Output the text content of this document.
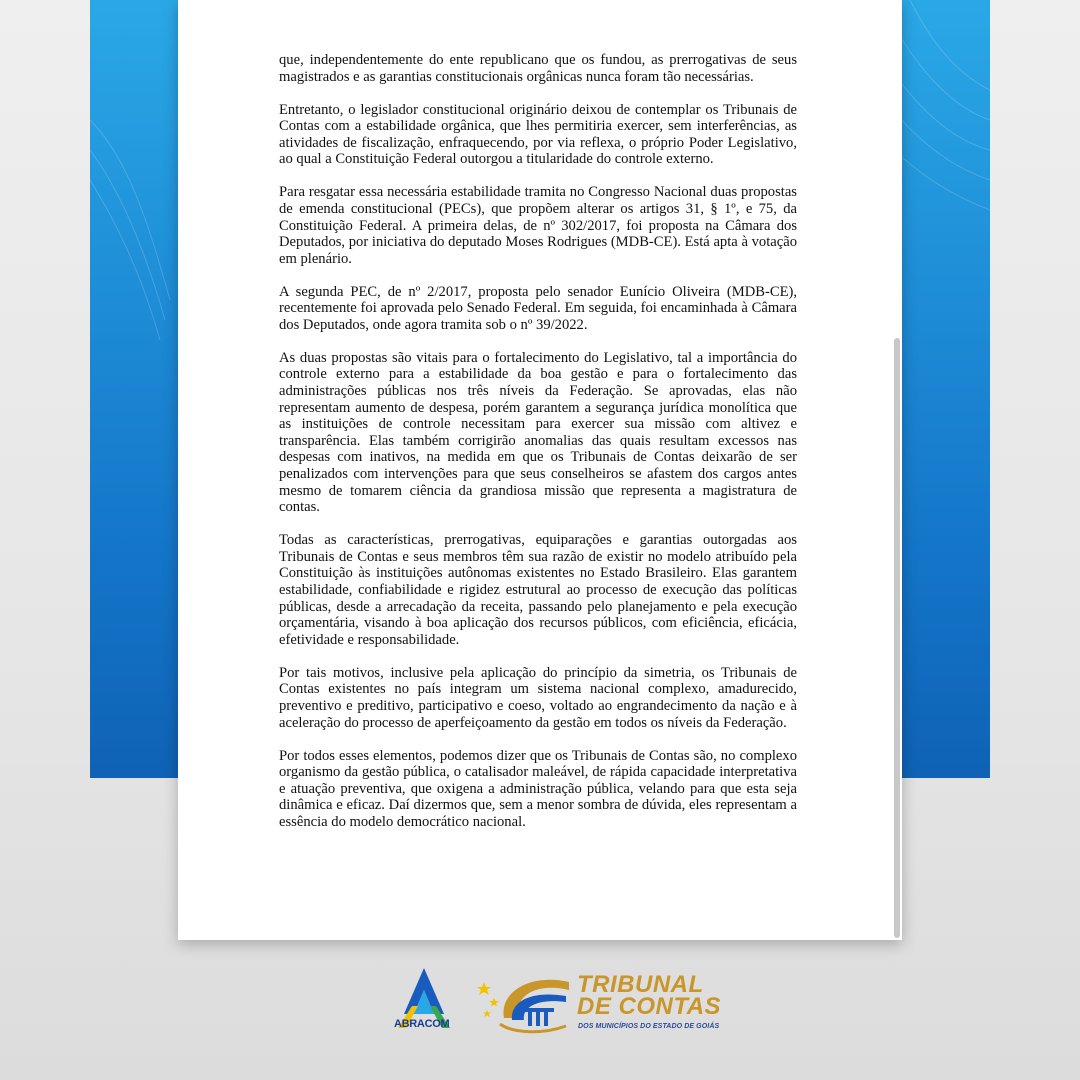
que, independentemente do ente republicano que os fundou, as prerrogativas de seus magistrados e as garantias constitucionais orgânicas nunca foram tão necessárias.

Entretanto, o legislador constitucional originário deixou de contemplar os Tribunais de Contas com a estabilidade orgânica, que lhes permitiria exercer, sem interferências, as atividades de fiscalização, enfraquecendo, por via reflexa, o próprio Poder Legislativo, ao qual a Constituição Federal outorgou a titularidade do controle externo.

Para resgatar essa necessária estabilidade tramita no Congresso Nacional duas propostas de emenda constitucional (PECs), que propõem alterar os artigos 31, § 1º, e 75, da Constituição Federal. A primeira delas, de nº 302/2017, foi proposta na Câmara dos Deputados, por iniciativa do deputado Moses Rodrigues (MDB-CE). Está apta à votação em plenário.

A segunda PEC, de nº 2/2017, proposta pelo senador Eunício Oliveira (MDB-CE), recentemente foi aprovada pelo Senado Federal. Em seguida, foi encaminhada à Câmara dos Deputados, onde agora tramita sob o nº 39/2022.

As duas propostas são vitais para o fortalecimento do Legislativo, tal a importância do controle externo para a estabilidade da boa gestão e para o fortalecimento das administrações públicas nos três níveis da Federação. Se aprovadas, elas não representam aumento de despesa, porém garantem a segurança jurídica monolítica que as instituições de controle necessitam para exercer sua missão com altivez e transparência. Elas também corrigirão anomalias das quais resultam excessos nas despesas com inativos, na medida em que os Tribunais de Contas deixarão de ser penalizados com intervenções para que seus conselheiros se afastem dos cargos antes mesmo de tomarem ciência da grandiosa missão que representa a magistratura de contas.

Todas as características, prerrogativas, equiparações e garantias outorgadas aos Tribunais de Contas e seus membros têm sua razão de existir no modelo atribuído pela Constituição às instituições autônomas existentes no Estado Brasileiro. Elas garantem estabilidade, confiabilidade e rigidez estrutural ao processo de execução das políticas públicas, desde a arrecadação da receita, passando pelo planejamento e pela execução orçamentária, visando à boa aplicação dos recursos públicos, com eficiência, eficácia, efetividade e responsabilidade.

Por tais motivos, inclusive pela aplicação do princípio da simetria, os Tribunais de Contas existentes no país integram um sistema nacional complexo, amadurecido, preventivo e preditivo, participativo e coeso, voltado ao engrandecimento da nação e à aceleração do processo de aperfeiçoamento da gestão em todos os níveis da Federação.

Por todos esses elementos, podemos dizer que os Tribunais de Contas são, no complexo organismo da gestão pública, o catalisador maleável, de rápida capacidade interpretativa e atuação preventiva, que oxigena a administração pública, velando para que esta seja dinâmica e eficaz. Daí dizermos que, sem a menor sombra de dúvida, eles representam a essência do modelo democrático nacional.

ABRACOM
TRIBUNAL
DE CONTAS
DOS MUNICÍPIOS DO ESTADO DE GOIÁS
